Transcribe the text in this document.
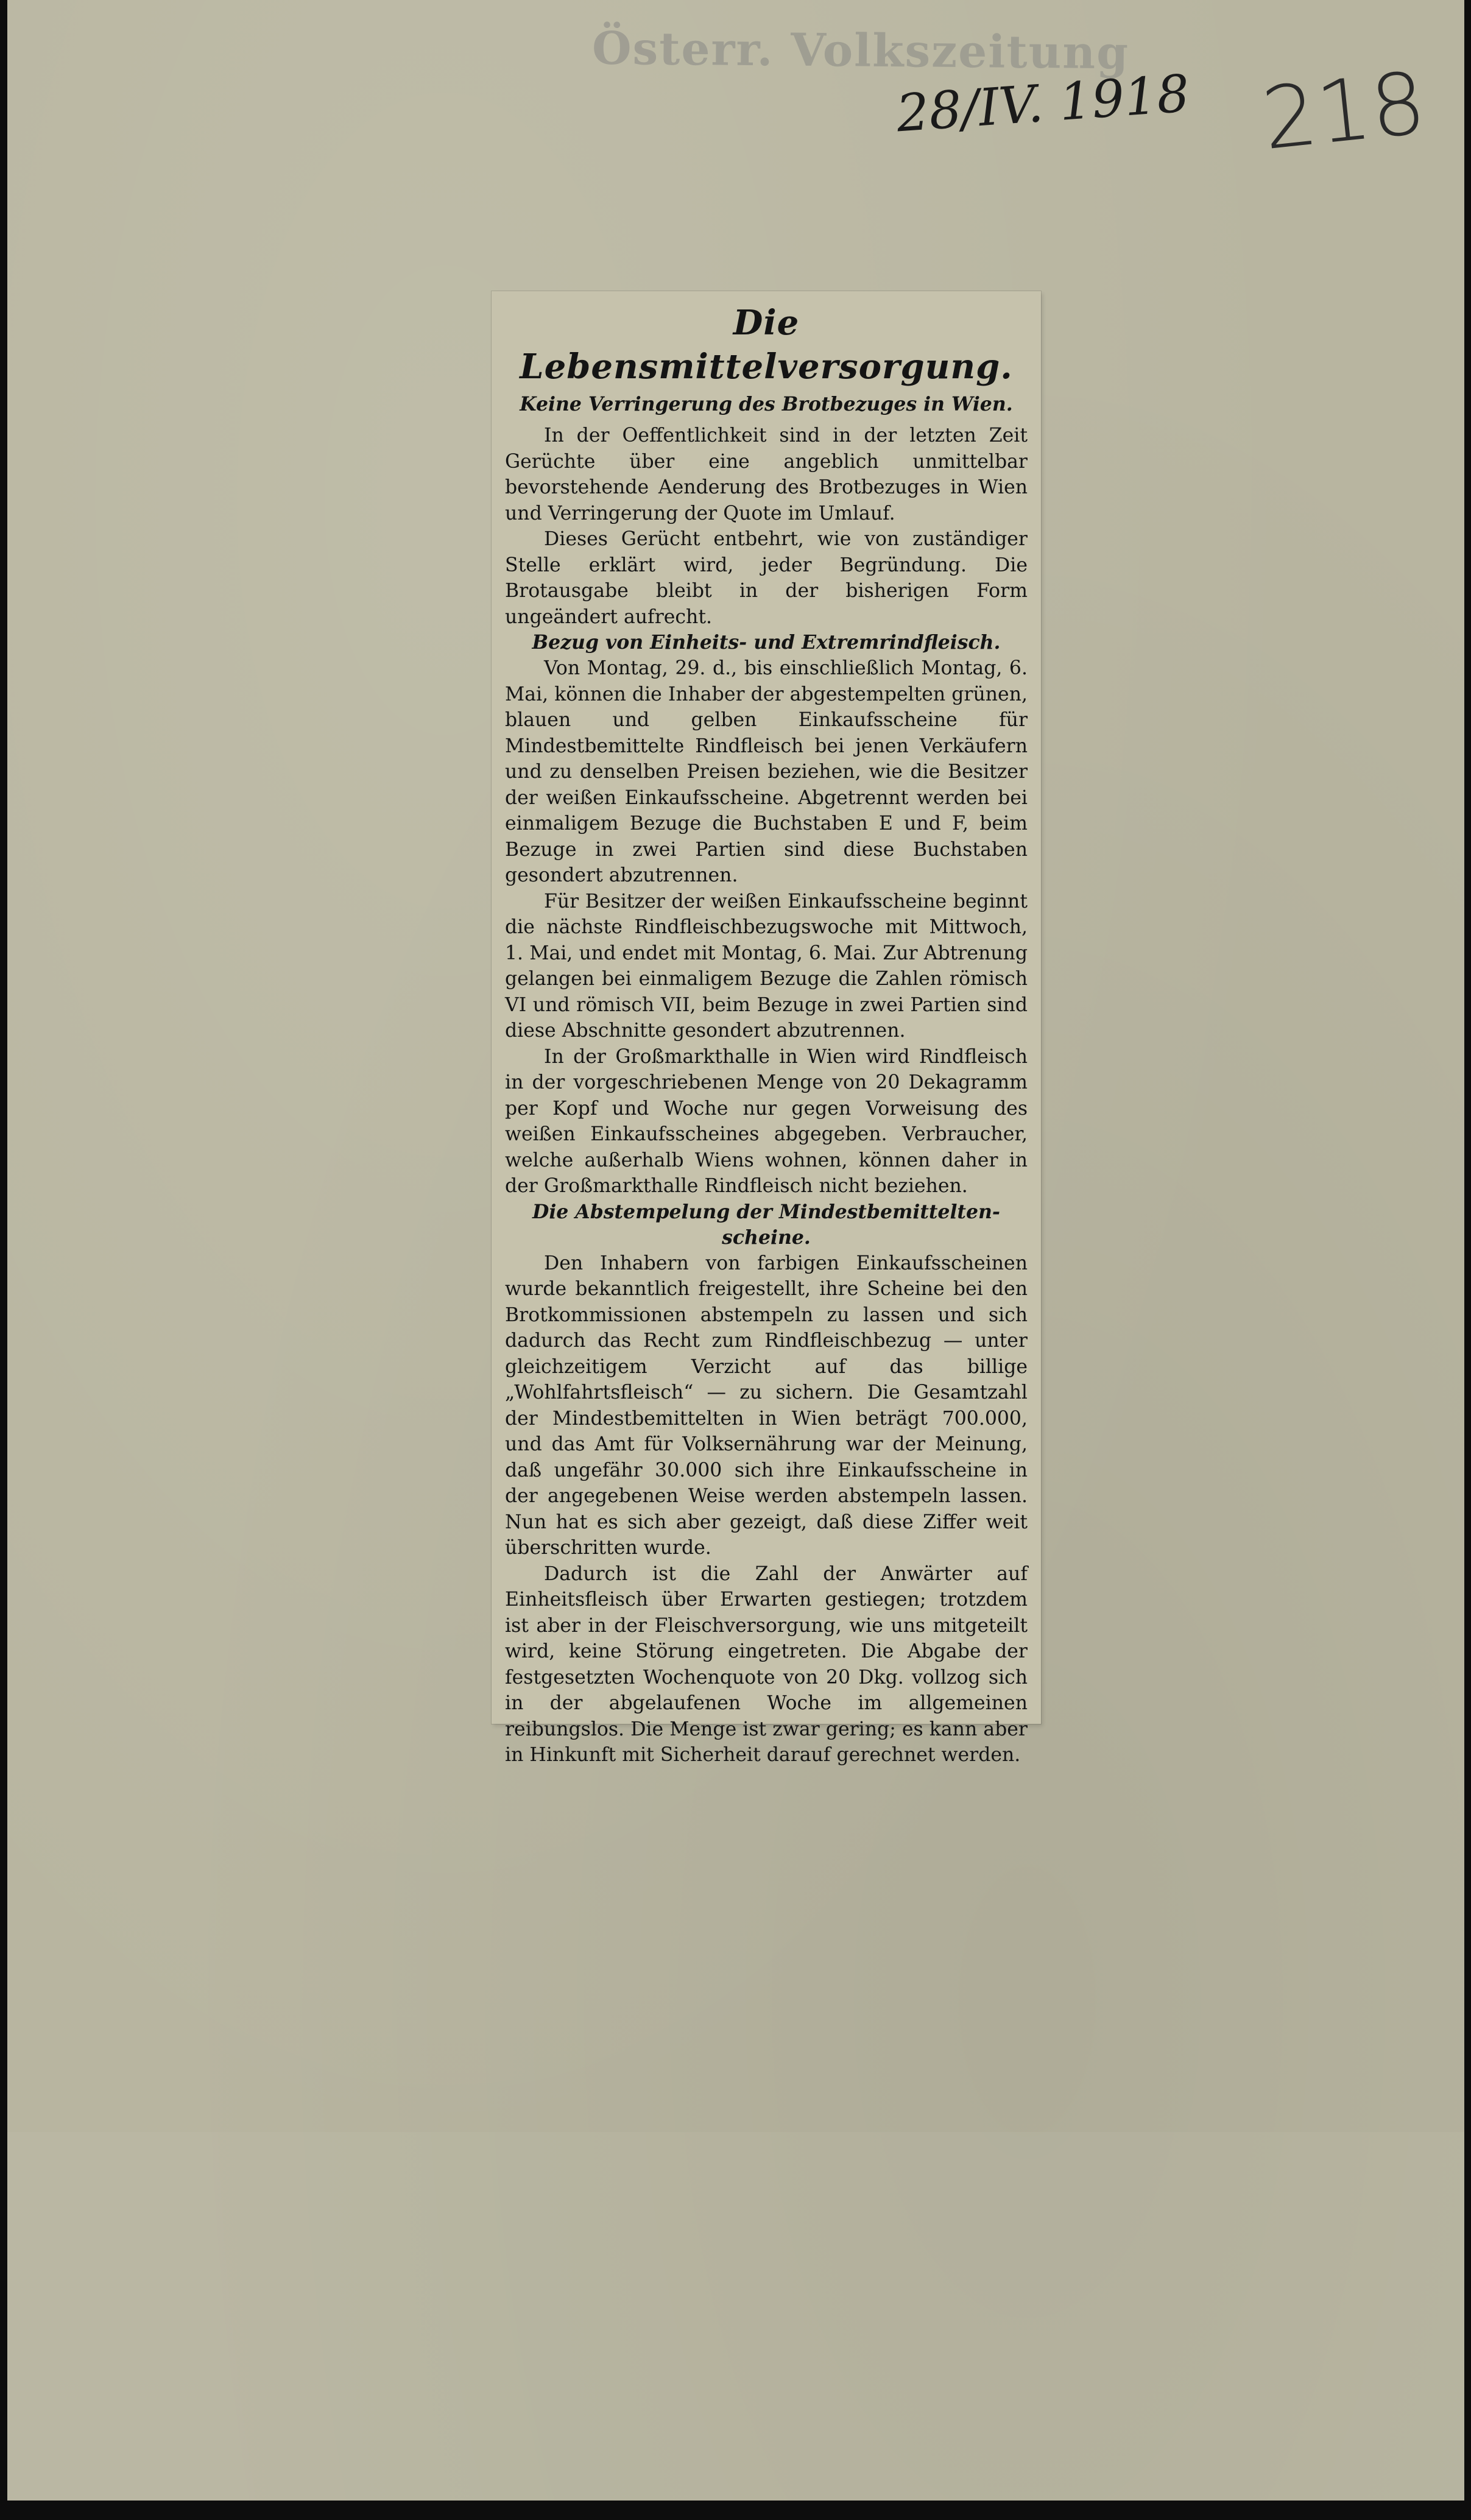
Österr. Volkszeitung
28/IV. 1918 218
Die Lebensmittelversorgung.
Keine Verringerung des Brotbezuges in Wien.

In der Oeffentlichkeit sind in der letzten Zeit Gerüchte über eine angeblich unmittelbar bevorstehende Aenderung des Brotbezuges in Wien und Verringerung der Quote im Umlauf.

Dieses Gerücht entbehrt, wie von zuständiger Stelle erklärt wird, jeder Begründung. Die Brotausgabe bleibt in der bisherigen Form ungeändert aufrecht.

Bezug von Einheits- und Extremrindfleisch.

Von Montag, 29. d., bis einschließlich Montag, 6. Mai, können die Inhaber der abgestempelten grünen, blauen und gelben Einkaufsscheine für Mindestbemittelte Rindfleisch bei jenen Verkäufern und zu denselben Preisen beziehen, wie die Besitzer der weißen Einkaufsscheine. Abgetrennt werden bei einmaligem Bezuge die Buchstaben E und F, beim Bezuge in zwei Partien sind diese Buchstaben gesondert abzutrennen.

Für Besitzer der weißen Einkaufsscheine beginnt die nächste Rindfleischbezugswoche mit Mittwoch, 1. Mai, und endet mit Montag, 6. Mai. Zur Abtrenung gelangen bei einmaligem Bezuge die Zahlen römisch VI und römisch VII, beim Bezuge in zwei Partien sind diese Abschnitte gesondert abzutrennen.

In der Großmarkthalle in Wien wird Rindfleisch in der vorgeschriebenen Menge von 20 Dekagramm per Kopf und Woche nur gegen Vorweisung des weißen Einkaufsscheines abgegeben. Verbraucher, welche außerhalb Wiens wohnen, können daher in der Großmarkthalle Rindfleisch nicht beziehen.

Die Abstempelung der Mindestbemittelten-scheine.

Den Inhabern von farbigen Einkaufsscheinen wurde bekanntlich freigestellt, ihre Scheine bei den Brotkommissionen abstempeln zu lassen und sich dadurch das Recht zum Rindfleischbezug — unter gleichzeitigem Verzicht auf das billige „Wohlfahrtsfleisch“ — zu sichern. Die Gesamtzahl der Mindestbemittelten in Wien beträgt 700.000, und das Amt für Volksernährung war der Meinung, daß ungefähr 30.000 sich ihre Einkaufsscheine in der angegebenen Weise werden abstempeln lassen. Nun hat es sich aber gezeigt, daß diese Ziffer weit überschritten wurde.

Dadurch ist die Zahl der Anwärter auf Einheitsfleisch über Erwarten gestiegen; trotzdem ist aber in der Fleischversorgung, wie uns mitgeteilt wird, keine Störung eingetreten. Die Abgabe der festgesetzten Wochenquote von 20 Dkg. vollzog sich in der abgelaufenen Woche im allgemeinen reibungslos. Die Menge ist zwar gering; es kann aber in Hinkunft mit Sicherheit darauf gerechnet werden.
